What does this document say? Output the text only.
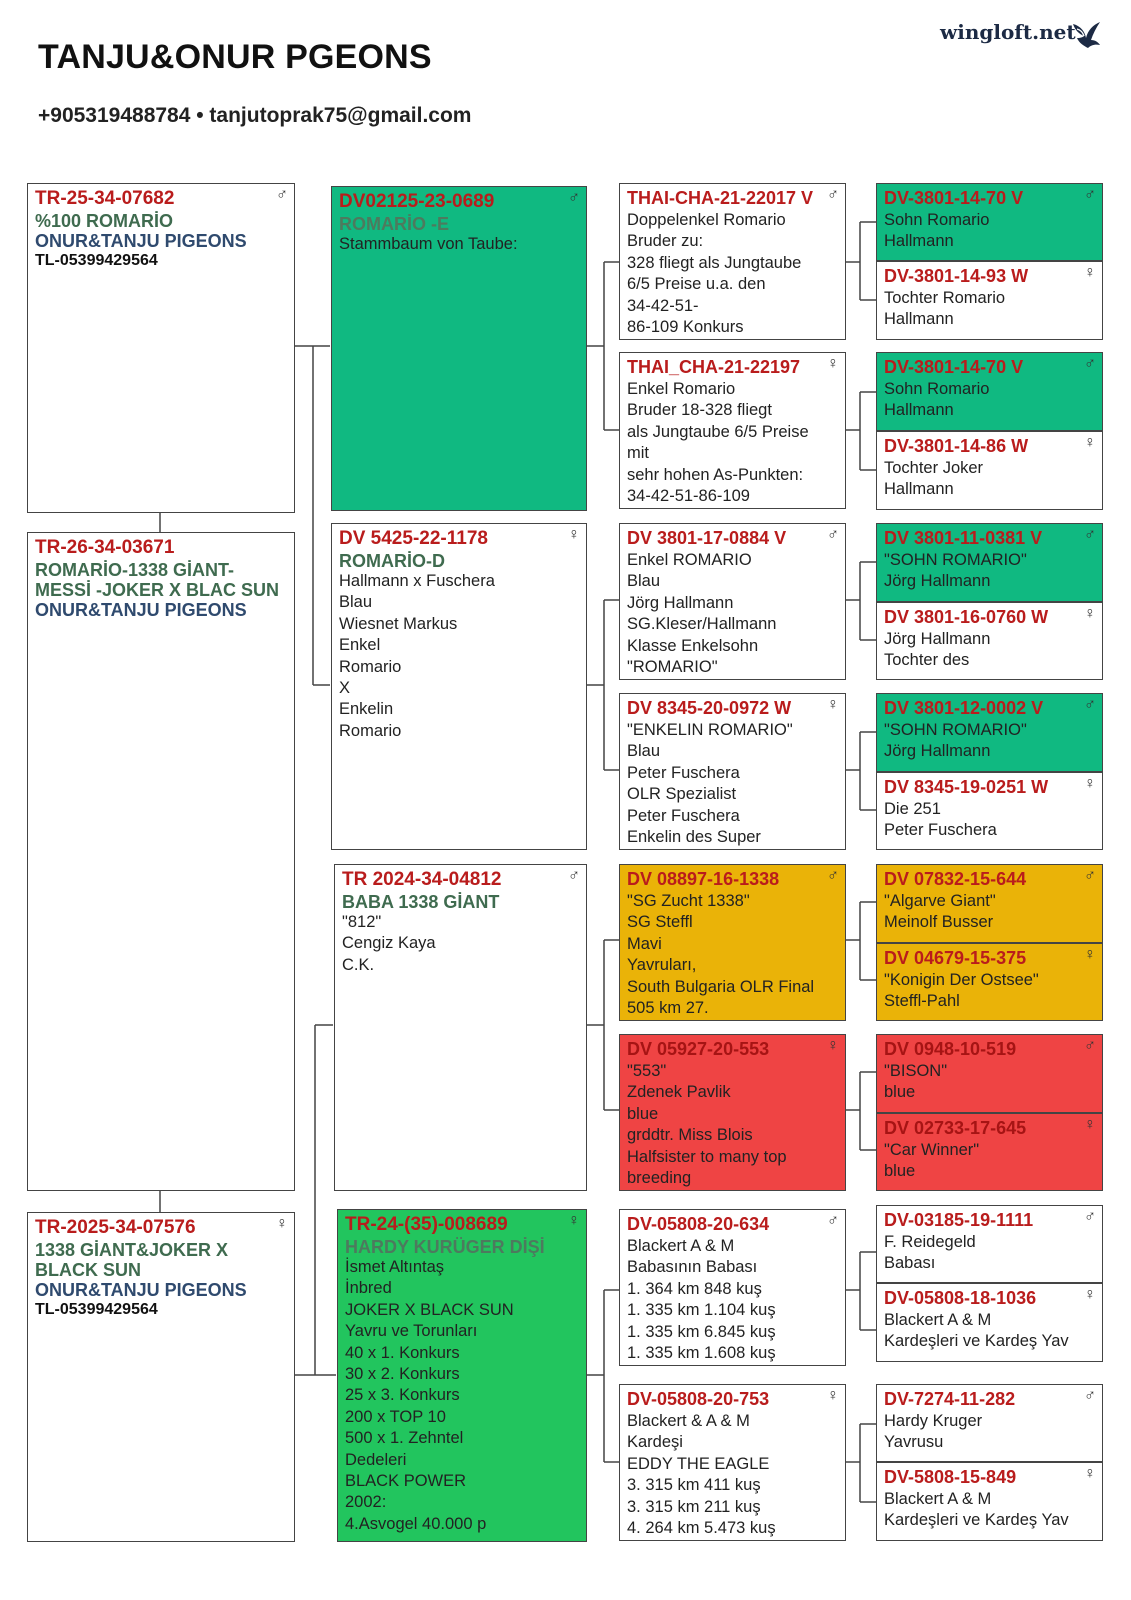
TANJU&ONUR PGEONS
+905319488784 • tanjutoprak75@gmail.com
wingloft.net
TR-25-34-07682	♂
%100 ROMARİO
ONUR&TANJU PIGEONS
TL-05399429564
TR-26-34-03671
ROMARİO-1338 GİANT-MESSİ -JOKER X BLAC SUN
ONUR&TANJU PIGEONS
TR-2025-34-07576	♀
1338 GİANT&JOKER X BLACK SUN
ONUR&TANJU PIGEONS
TL-05399429564
DV02125-23-0689	♂
ROMARİO -E
Stammbaum von Taube:
DV 5425-22-1178	♀
ROMARİO-D
Hallmann x Fuschera
Blau
Wiesnet Markus
Enkel
Romario
X
Enkelin
Romario
TR 2024-34-04812	♂
BABA 1338 GİANT
"812"
Cengiz Kaya
C.K.
TR-24-(35)-008689	♀
HARDY KURÜGER DİŞİ
İsmet Altıntaş
İnbred
JOKER X BLACK SUN
Yavru ve Torunları
40 x 1. Konkurs
30 x 2. Konkurs
25 x 3. Konkurs
200 x TOP 10
500 x 1. Zehntel
Dedeleri
BLACK POWER
2002:
4.Asvogel 40.000 p
THAI-CHA-21-22017 V ♂
Doppelenkel Romario
Bruder zu:
328 fliegt als Jungtaube
6/5 Preise u.a. den
34-42-51-
86-109 Konkurs
THAI_CHA-21-22197	♀
Enkel Romario
Bruder 18-328 fliegt
als Jungtaube 6/5 Preise
mit
sehr hohen As-Punkten:
34-42-51-86-109
DV 3801-17-0884 V	♂
Enkel ROMARIO
Blau
Jörg Hallmann
SG.Kleser/Hallmann
Klasse Enkelsohn
"ROMARIO"
DV 8345-20-0972 W	♀
"ENKELIN ROMARIO"
Blau
Peter Fuschera
OLR Spezialist
Peter Fuschera
Enkelin des Super
DV 08897-16-1338	♂
"SG Zucht 1338"
SG Steffl
Mavi
Yavruları,
South Bulgaria OLR Final
505 km 27.
DV 05927-20-553	♀
"553"
Zdenek Pavlik
blue
grddtr. Miss Blois
Halfsister to many top
breeding
DV-05808-20-634	♂
Blackert A & M
Babasının Babası
1. 364 km 848 kuş
1. 335 km 1.104 kuş
1. 335 km 6.845 kuş
1. 335 km 1.608 kuş
DV-05808-20-753	♀
Blackert & A & M
Kardeşi
EDDY THE EAGLE
3. 315 km 411 kuş
3. 315 km 211 kuş
4. 264 km 5.473 kuş
DV-3801-14-70 V	♂
Sohn Romario
Hallmann
DV-3801-14-93 W	♀
Tochter Romario
Hallmann
DV-3801-14-70 V	♂
Sohn Romario
Hallmann
DV-3801-14-86 W	♀
Tochter Joker
Hallmann
DV 3801-11-0381 V	♂
"SOHN ROMARIO"
Jörg Hallmann
DV 3801-16-0760 W	♀
Jörg Hallmann
Tochter des
DV 3801-12-0002 V	♂
"SOHN ROMARIO"
Jörg Hallmann
DV 8345-19-0251 W	♀
Die 251
Peter Fuschera
DV 07832-15-644	♂
"Algarve Giant"
Meinolf Busser
DV 04679-15-375	♀
"Konigin Der Ostsee"
Steffl-Pahl
DV 0948-10-519	♂
"BISON"
blue
DV 02733-17-645	♀
"Car Winner"
blue
DV-03185-19-1111	♂
F. Reidegeld
Babası
DV-05808-18-1036	♀
Blackert A & M
Kardeşleri ve Kardeş Yav
DV-7274-11-282	♂
Hardy Kruger
Yavrusu
DV-5808-15-849	♀
Blackert A & M
Kardeşleri ve Kardeş Yav
